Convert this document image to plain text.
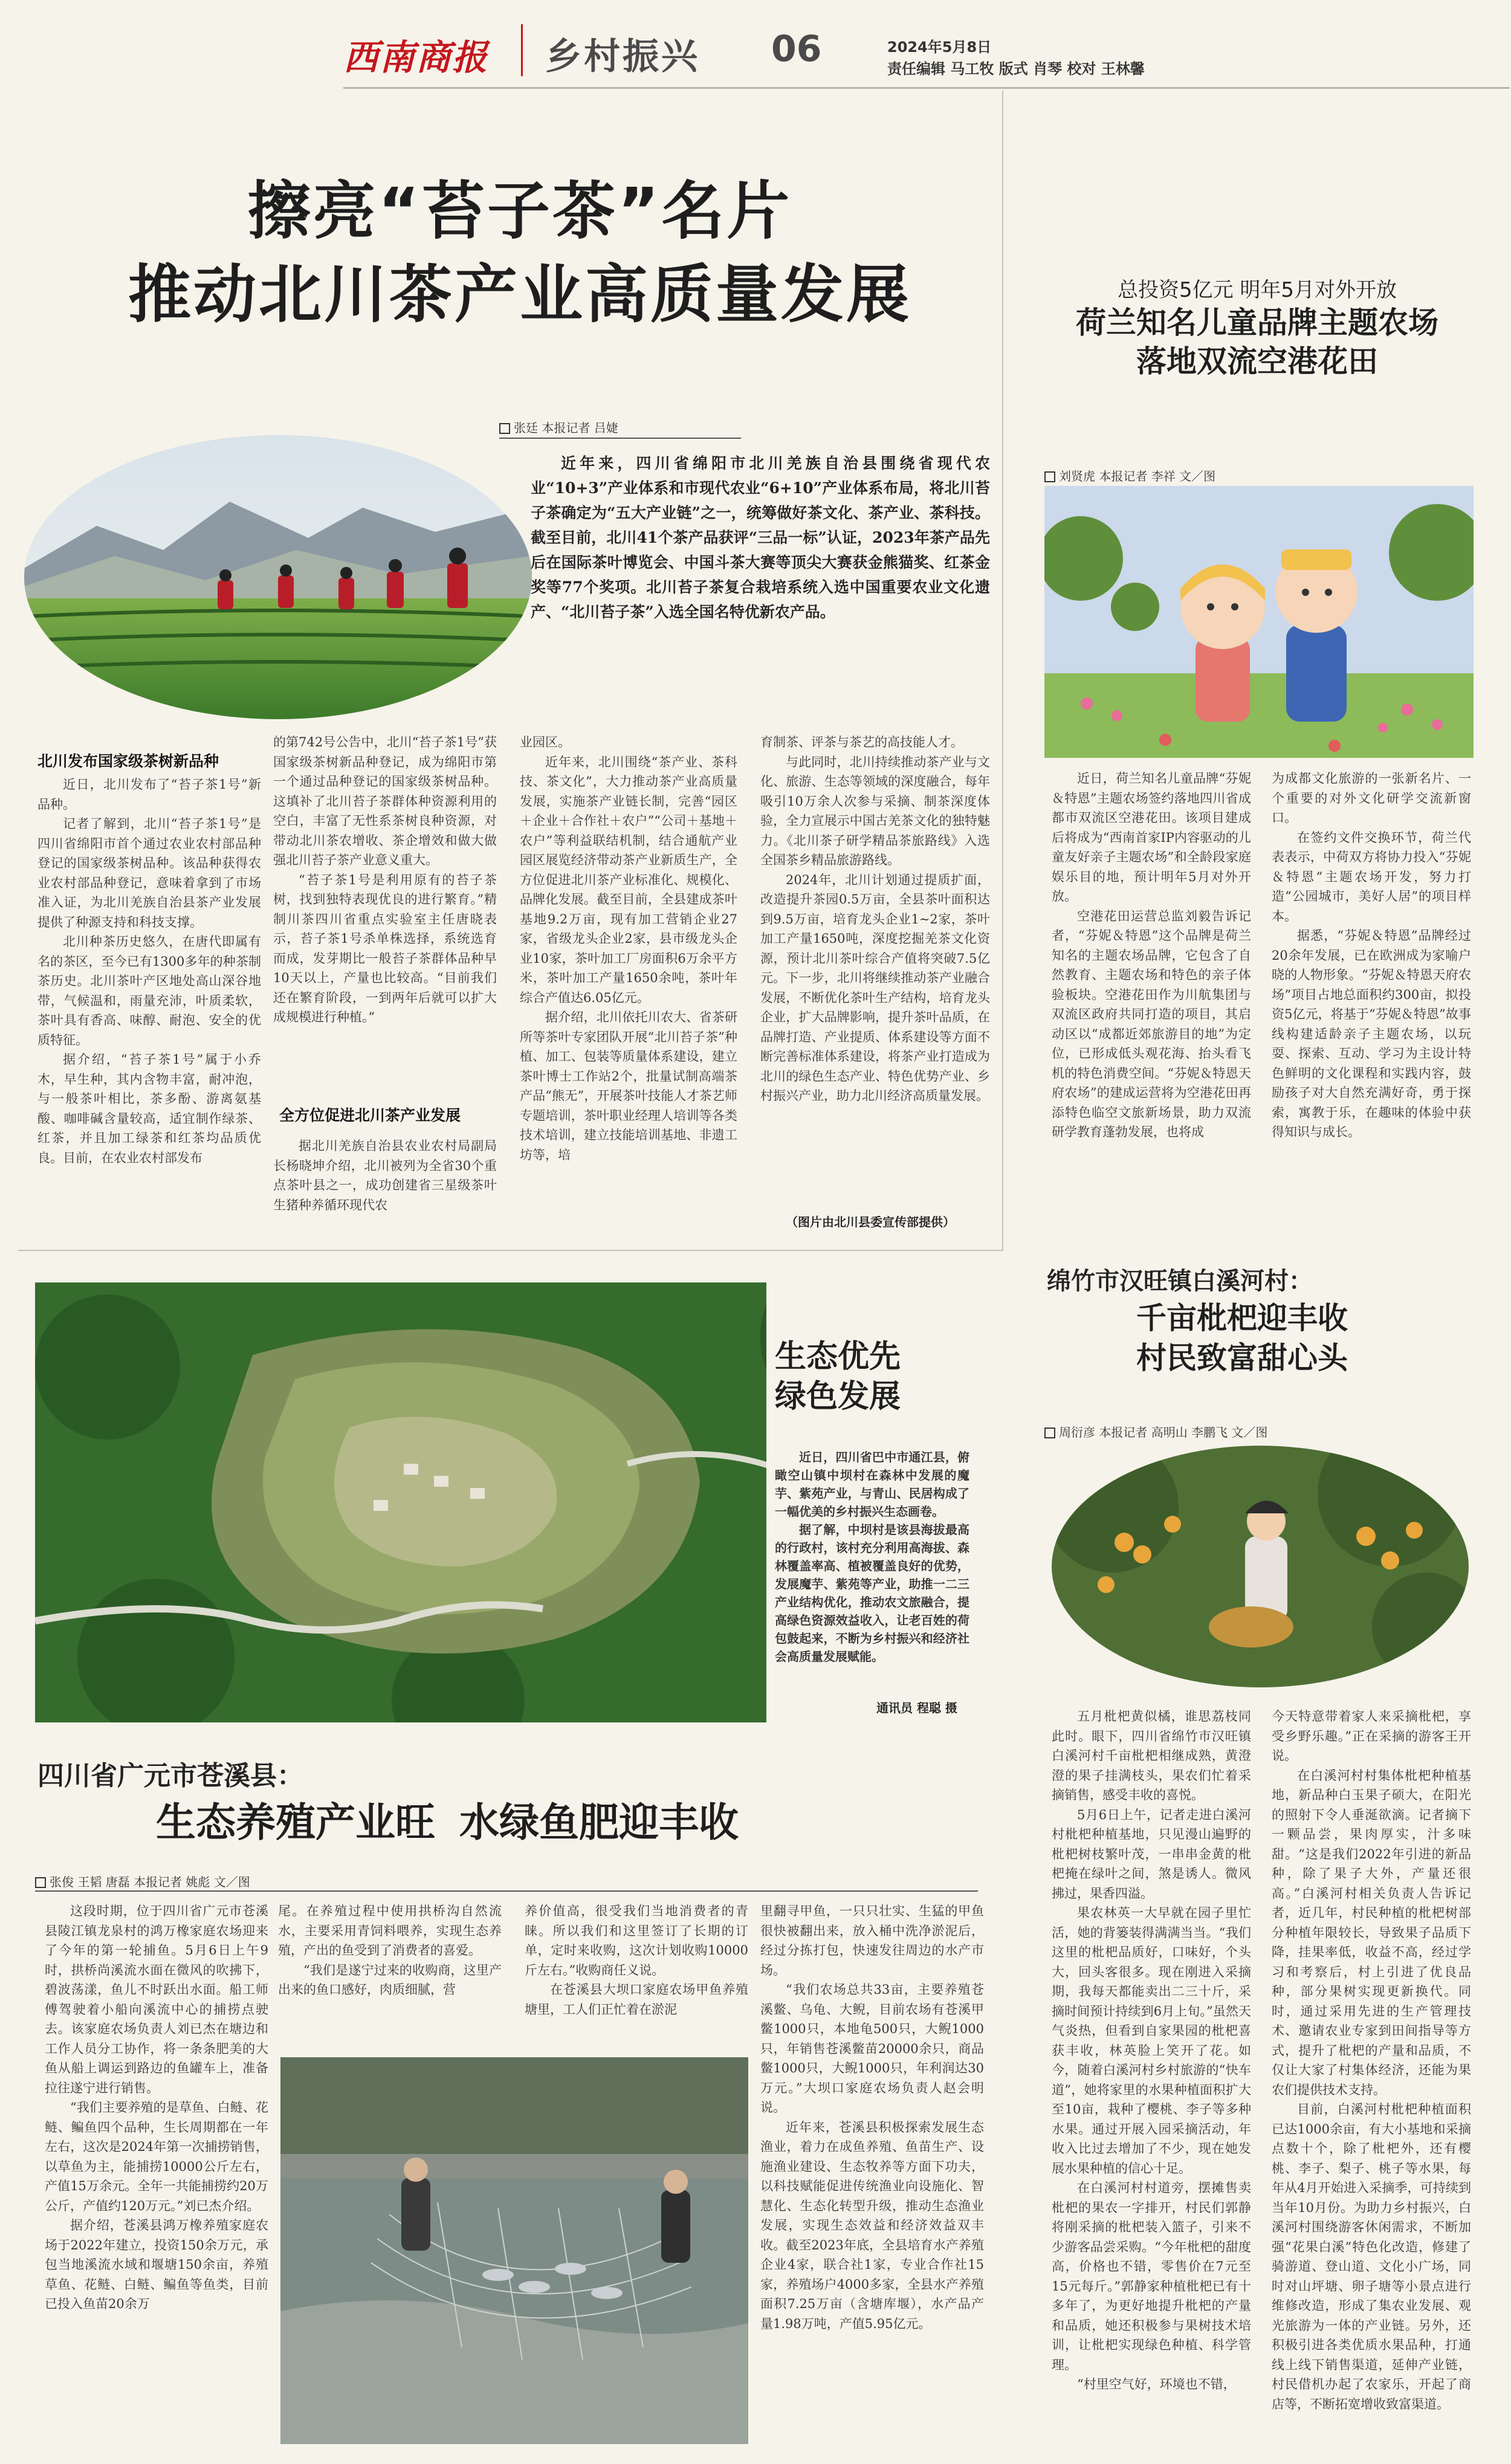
西南商报 乡村振兴 06	2024年5月8日
责任编辑 马工牧 版式 肖琴 校对 王林馨
擦亮“苔子茶”名片
推动北川茶产业高质量发展
张廷 本报记者 吕婕
近年来，四川省绵阳市北川羌族自治县围绕省现代农业“10+3”产业体系和市现代农业“6+10”产业体系布局，将北川苔子茶确定为“五大产业链”之一，统筹做好茶文化、茶产业、茶科技。截至目前，北川41个茶产品获评“三品一标”认证，2023年茶产品先后在国际茶叶博览会、中国斗茶大赛等顶尖大赛获金熊猫奖、红茶金奖等77个奖项。北川苔子茶复合栽培系统入选中国重要农业文化遗产、“北川苔子茶”入选全国名特优新农产品。
北川发布国家级茶树新品种

近日，北川发布了“苔子茶1号”新品种。

记者了解到，北川“苔子茶1号”是四川省绵阳市首个通过农业农村部品种登记的国家级茶树品种。该品种获得农业农村部品种登记，意味着拿到了市场准入证，为北川羌族自治县茶产业发展提供了种源支持和科技支撑。

北川种茶历史悠久，在唐代即属有名的茶区，至今已有1300多年的种茶制茶历史。北川茶叶产区地处高山深谷地带，气候温和，雨量充沛，叶质柔软，茶叶具有香高、味醇、耐泡、安全的优质特征。

据介绍，“苔子茶1号”属于小乔木，早生种，其内含物丰富，耐冲泡，与一般茶叶相比，茶多酚、游离氨基酸、咖啡碱含量较高，适宜制作绿茶、红茶，并且加工绿茶和红茶均品质优良。目前，在农业农村部发布

的第742号公告中，北川“苔子茶1号”获国家级茶树新品种登记，成为绵阳市第一个通过品种登记的国家级茶树品种。这填补了北川苔子茶群体种资源利用的空白，丰富了无性系茶树良种资源，对带动北川茶农增收、茶企增效和做大做强北川苔子茶产业意义重大。

“苔子茶1号是利用原有的苔子茶树，找到独特表现优良的进行繁育。”精制川茶四川省重点实验室主任唐晓表示，苔子茶1号杀单株选择，系统选育而成，发芽期比一般苔子茶群体品种早10天以上，产量也比较高。“目前我们还在繁育阶段，一到两年后就可以扩大成规模进行种植。”

全方位促进北川茶产业发展

据北川羌族自治县农业农村局副局长杨晓坤介绍，北川被列为全省30个重点茶叶县之一，成功创建省三星级茶叶生猪种养循环现代农

业园区。

近年来，北川围绕“茶产业、茶科技、茶文化”，大力推动茶产业高质量发展，实施茶产业链长制，完善“园区＋企业＋合作社＋农户”“公司＋基地＋农户”等利益联结机制，结合通航产业园区展览经济带动茶产业新质生产，全方位促进北川茶产业标准化、规模化、品牌化发展。截至目前，全县建成茶叶基地9.2万亩，现有加工营销企业27家，省级龙头企业2家，县市级龙头企业10家，茶叶加工厂房面积6万余平方米，茶叶加工产量1650余吨，茶叶年综合产值达6.05亿元。

据介绍，北川依托川农大、省茶研所等茶叶专家团队开展“北川苔子茶”种植、加工、包装等质量体系建设，建立茶叶博士工作站2个，批量试制高端茶产品“熊无”，开展茶叶技能人才茶艺师专题培训，茶叶职业经理人培训等各类技术培训，建立技能培训基地、非遗工坊等，培

育制茶、评茶与茶艺的高技能人才。

与此同时，北川持续推动茶产业与文化、旅游、生态等领域的深度融合，每年吸引10万余人次参与采摘、制茶深度体验，全力宣展示中国古羌茶文化的独特魅力。《北川茶子研学精品茶旅路线》入选全国茶乡精品旅游路线。

2024年，北川计划通过提质扩面，改造提升茶园0.5万亩，全县茶叶面积达到9.5万亩，培育龙头企业1~2家，茶叶加工产量1650吨，深度挖掘羌茶文化资源，预计北川茶叶综合产值将突破7.5亿元。下一步，北川将继续推动茶产业融合发展，不断优化茶叶生产结构，培育龙头企业，扩大品牌影响，提升茶叶品质，在品牌打造、产业提质、体系建设等方面不断完善标准体系建设，将茶产业打造成为北川的绿色生态产业、特色优势产业、乡村振兴产业，助力北川经济高质量发展。

（图片由北川县委宣传部提供）
总投资5亿元 明年5月对外开放
荷兰知名儿童品牌主题农场
落地双流空港花田
刘贤虎 本报记者 李祥 文／图

近日，荷兰知名儿童品牌“芬妮＆特恩”主题农场签约落地四川省成都市双流区空港花田。该项目建成后将成为“西南首家IP内容驱动的儿童友好亲子主题农场”和全龄段家庭娱乐目的地，预计明年5月对外开放。

空港花田运营总监刘毅告诉记者，“芬妮＆特恩”这个品牌是荷兰知名的主题农场品牌，它包含了自然教育、主题农场和特色的亲子体验板块。空港花田作为川航集团与双流区政府共同打造的项目，其启动区以“成都近郊旅游目的地”为定位，已形成低头观花海、抬头看飞机的特色消费空间。“芬妮＆特恩天府农场”的建成运营将为空港花田再添特色临空文旅新场景，助力双流研学教育蓬勃发展，也将成

为成都文化旅游的一张新名片、一个重要的对外文化研学交流新窗口。

在签约文件交换环节，荷兰代表表示，中荷双方将协力投入“芬妮＆特恩”主题农场开发，努力打造“公园城市，美好人居”的项目样本。

据悉，“芬妮＆特恩”品牌经过20余年发展，已在欧洲成为家喻户晓的人物形象。“芬妮＆特恩天府农场”项目占地总面积约300亩，拟投资5亿元，将基于“芬妮＆特恩”故事线构建适龄亲子主题农场，以玩耍、探索、互动、学习为主设计特色鲜明的文化课程和实践内容，鼓励孩子对大自然充满好奇，勇于探索，寓教于乐，在趣味的体验中获得知识与成长。

生态优先
绿色发展

近日，四川省巴中市通江县，俯瞰空山镇中坝村在森林中发展的魔芋、紫苑产业，与青山、民居构成了一幅优美的乡村振兴生态画卷。

据了解，中坝村是该县海拔最高的行政村，该村充分利用高海拔、森林覆盖率高、植被覆盖良好的优势，发展魔芋、紫苑等产业，助推一二三产业结构优化，推动农文旅融合，提高绿色资源效益收入，让老百姓的荷包鼓起来，不断为乡村振兴和经济社会高质量发展赋能。

通讯员 程聪 摄
绵竹市汉旺镇白溪河村：
千亩枇杷迎丰收
村民致富甜心头
周衍彦 本报记者 高明山 李鹏飞 文／图

五月枇杷黄似橘，谁思荔枝同此时。眼下，四川省绵竹市汉旺镇白溪河村千亩枇杷相继成熟，黄澄澄的果子挂满枝头，果农们忙着采摘销售，感受丰收的喜悦。

5月6日上午，记者走进白溪河村枇杷种植基地，只见漫山遍野的枇杷树枝繁叶茂，一串串金黄的枇杷掩在绿叶之间，煞是诱人。微风拂过，果香四溢。

果农林英一大早就在园子里忙活，她的背篓装得满满当当。“我们这里的枇杷品质好，口味好，个头大，回头客很多。现在刚进入采摘期，我每天都能卖出二三十斤，采摘时间预计持续到6月上旬。”虽然天气炎热，但看到自家果园的枇杷喜获丰收，林英脸上笑开了花。如今，随着白溪河村乡村旅游的“快车道”，她将家里的水果种植面积扩大至10亩，栽种了樱桃、李子等多种水果。通过开展入园采摘活动，年收入比过去增加了不少，现在她发展水果种植的信心十足。

在白溪河村村道旁，摆摊售卖枇杷的果农一字排开，村民们郭静将刚采摘的枇杷装入篮子，引来不少游客品尝采购。“今年枇杷的甜度高，价格也不错，零售价在7元至15元每斤。”郭静家种植枇杷已有十多年了，为更好地提升枇杷的产量和品质，她还积极参与果树技术培训，让枇杷实现绿色种植、科学管理。

“村里空气好，环境也不错，

今天特意带着家人来采摘枇杷，享受乡野乐趣。”正在采摘的游客王开说。

在白溪河村村集体枇杷种植基地，新品种白玉果子硕大，在阳光的照射下令人垂涎欲滴。记者摘下一颗品尝，果肉厚实，汁多味甜。“这是我们2022年引进的新品种，除了果子大外，产量还很高。”白溪河村相关负责人告诉记者，近几年，村民种植的枇杷树部分种植年限较长，导致果子品质下降，挂果率低，收益不高，经过学习和考察后，村上引进了优良品种，部分果树实现更新换代。同时，通过采用先进的生产管理技术、邀请农业专家到田间指导等方式，提升了枇杷的产量和品质，不仅让大家了村集体经济，还能为果农们提供技术支持。

目前，白溪河村枇杷种植面积已达1000余亩，有大小基地和采摘点数十个，除了枇杷外，还有樱桃、李子、梨子、桃子等水果，每年从4月开始进入采摘季，可持续到当年10月份。为助力乡村振兴，白溪河村围绕游客休闲需求，不断加强“花果白溪”特色化改造，修建了骑游道、登山道、文化小广场，同时对山坪塘、卵子塘等小景点进行维修改造，形成了集农业发展、观光旅游为一体的产业链。另外，还积极引进各类优质水果品种，打通线上线下销售渠道，延伸产业链，村民借机办起了农家乐，开起了商店等，不断拓宽增收致富渠道。

四川省广元市苍溪县：
生态养殖产业旺 水绿鱼肥迎丰收
张俊 王韬 唐磊 本报记者 姚彪 文／图

这段时期，位于四川省广元市苍溪县陵江镇龙泉村的鸿万橡家庭农场迎来了今年的第一轮捕鱼。5月6日上午9时，拱桥尚溪流水面在微风的吹拂下，碧波荡漾，鱼儿不时跃出水面。船工师傅驾驶着小船向溪流中心的捕捞点驶去。该家庭农场负责人刘已杰在塘边和工作人员分工协作，将一条条肥美的大鱼从船上调运到路边的鱼罐车上，准备拉往遂宁进行销售。

“我们主要养殖的是草鱼、白鲢、花鲢、鳊鱼四个品种，生长周期都在一年左右，这次是2024年第一次捕捞销售，以草鱼为主，能捕捞10000公斤左右，产值15万余元。全年一共能捕捞约20万公斤，产值约120万元。”刘已杰介绍。

据介绍，苍溪县鸿万橡养殖家庭农场于2022年建立，投资150余万元，承包当地溪流水域和堰塘150余亩，养殖草鱼、花鲢、白鲢、鳊鱼等鱼类，目前已投入鱼苗20余万

尾。在养殖过程中使用拱桥沟自然流水，主要采用青饲料喂养，实现生态养殖，产出的鱼受到了消费者的喜爱。

“我们是遂宁过来的收购商，这里产出来的鱼口感好，肉质细腻，营

养价值高，很受我们当地消费者的青睐。所以我们和这里签订了长期的订单，定时来收购，这次计划收购10000斤左右。”收购商任义说。

在苍溪县大坝口家庭农场甲鱼养殖塘里，工人们正忙着在淤泥

里翻寻甲鱼，一只只壮实、生猛的甲鱼很快被翻出来，放入桶中洗净淤泥后，经过分拣打包，快速发往周边的水产市场。

“我们农场总共33亩，主要养殖苍溪鳖、乌龟、大鲵，目前农场有苍溪甲鳖1000只，本地龟500只，大鲵1000只，年销售苍溪鳖苗20000余只，商品鳖1000只，大鲵1000只，年利润达30万元。”大坝口家庭农场负责人赵会明说。

近年来，苍溪县积极探索发展生态渔业，着力在成鱼养殖、鱼苗生产、设施渔业建设、生态牧养等方面下功夫，以科技赋能促进传统渔业向设施化、智慧化、生态化转型升级，推动生态渔业发展，实现生态效益和经济效益双丰收。截至2023年底，全县培育水产养殖企业4家，联合社1家，专业合作社15家，养殖场户4000多家，全县水产养殖面积7.25万亩（含塘库堰），水产品产量1.98万吨，产值5.95亿元。
